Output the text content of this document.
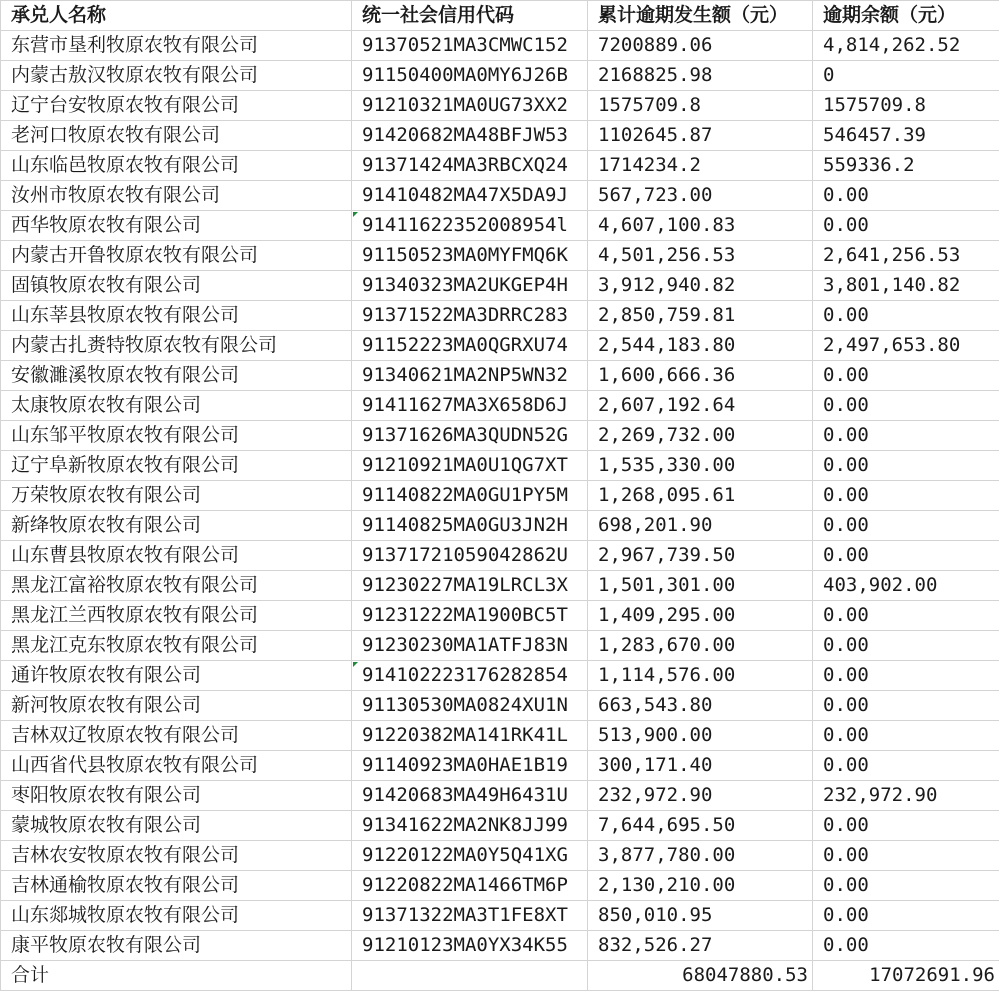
承兑人名称	统一社会信用代码	累计逾期发生额（元）	逾期余额（元）
东营市垦利牧原农牧有限公司	91370521MA3CMWC152	7200889.06	4,814,262.52
内蒙古敖汉牧原农牧有限公司	91150400MA0MY6J26B	2168825.98	0
辽宁台安牧原农牧有限公司	91210321MA0UG73XX2	1575709.8	1575709.8
老河口牧原农牧有限公司	91420682MA48BFJW53	1102645.87	546457.39
山东临邑牧原农牧有限公司	91371424MA3RBCXQ24	1714234.2	559336.2
汝州市牧原农牧有限公司	91410482MA47X5DA9J	567,723.00	0.00
西华牧原农牧有限公司	91411622352008954l	4,607,100.83	0.00
内蒙古开鲁牧原农牧有限公司	91150523MA0MYFMQ6K	4,501,256.53	2,641,256.53
固镇牧原农牧有限公司	91340323MA2UKGEP4H	3,912,940.82	3,801,140.82
山东莘县牧原农牧有限公司	91371522MA3DRRC283	2,850,759.81	0.00
内蒙古扎赉特牧原农牧有限公司	91152223MA0QGRXU74	2,544,183.80	2,497,653.80
安徽濉溪牧原农牧有限公司	91340621MA2NP5WN32	1,600,666.36	0.00
太康牧原农牧有限公司	91411627MA3X658D6J	2,607,192.64	0.00
山东邹平牧原农牧有限公司	91371626MA3QUDN52G	2,269,732.00	0.00
辽宁阜新牧原农牧有限公司	91210921MA0U1QG7XT	1,535,330.00	0.00
万荣牧原农牧有限公司	91140822MA0GU1PY5M	1,268,095.61	0.00
新绛牧原农牧有限公司	91140825MA0GU3JN2H	698,201.90	0.00
山东曹县牧原农牧有限公司	91371721059042862U	2,967,739.50	0.00
黑龙江富裕牧原农牧有限公司	91230227MA19LRCL3X	1,501,301.00	403,902.00
黑龙江兰西牧原农牧有限公司	91231222MA1900BC5T	1,409,295.00	0.00
黑龙江克东牧原农牧有限公司	91230230MA1ATFJ83N	1,283,670.00	0.00
通许牧原农牧有限公司	914102223176282854	1,114,576.00	0.00
新河牧原农牧有限公司	91130530MA0824XU1N	663,543.80	0.00
吉林双辽牧原农牧有限公司	91220382MA141RK41L	513,900.00	0.00
山西省代县牧原农牧有限公司	91140923MA0HAE1B19	300,171.40	0.00
枣阳牧原农牧有限公司	91420683MA49H6431U	232,972.90	232,972.90
蒙城牧原农牧有限公司	91341622MA2NK8JJ99	7,644,695.50	0.00
吉林农安牧原农牧有限公司	91220122MA0Y5Q41XG	3,877,780.00	0.00
吉林通榆牧原农牧有限公司	91220822MA1466TM6P	2,130,210.00	0.00
山东郯城牧原农牧有限公司	91371322MA3T1FE8XT	850,010.95	0.00
康平牧原农牧有限公司	91210123MA0YX34K55	832,526.27	0.00
合计		68047880.53	17072691.96
